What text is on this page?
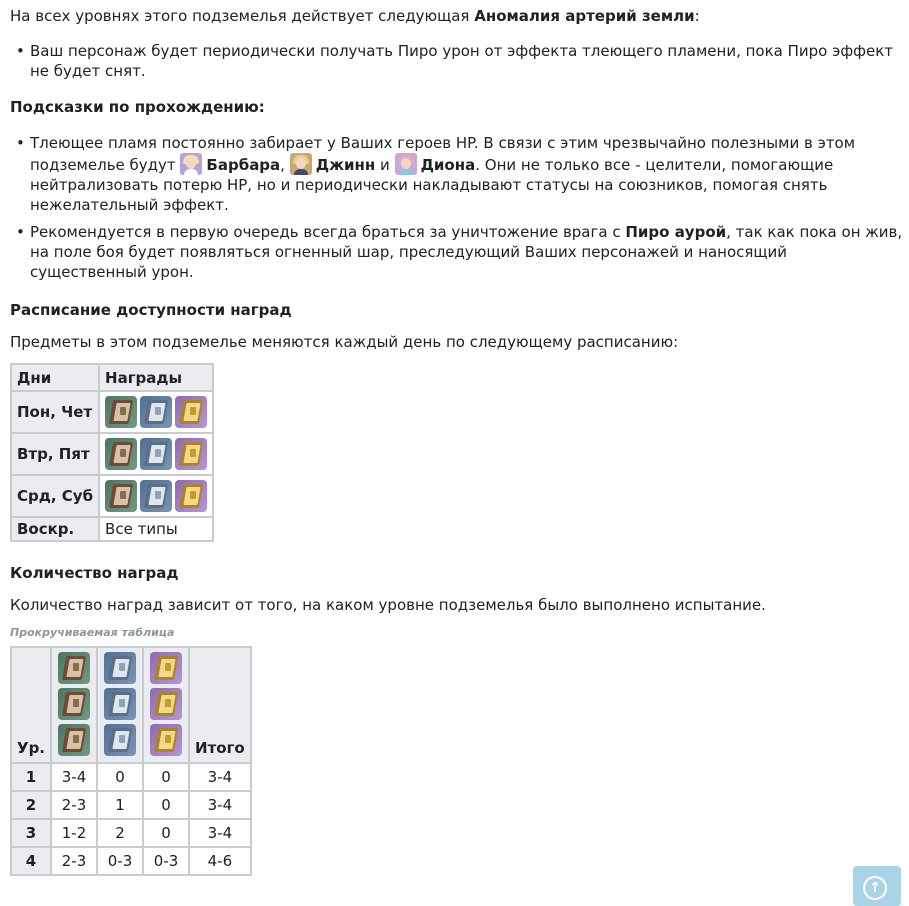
На всех уровнях этого подземелья действует следующая Аномалия артерий земли:

• Ваш персонаж будет периодически получать Пиро урон от эффекта тлеющего пламени, пока Пиро эффект не будет снят.

Подсказки по прохождению:

• Тлеющее пламя постоянно забирает у Ваших героев HP. В связи с этим чрезвычайно полезными в этом подземелье будут
Барбара, Джинн и
Диона. Они не только все - целители, помогающие нейтрализовать потерю HP, но и периодически накладывают статусы на союзников, помогая снять нежелательный эффект.
• Рекомендуется в первую очередь всегда браться за уничтожение врага с Пиро аурой, так как пока он жив, на поле боя будет появляться огненный шар, преследующий Ваших персонажей и наносящий существенный урон.

Расписание доступности наград

Предметы в этом подземелье меняются каждый день по следующему расписанию:

Дни	Награды
Пон, Чет	

Втр, Пят	

Срд, Суб	

Воскр.	Все типы

Количество наград

Количество наград зависит от того, на каком уровне подземелья было выполнено испытание.

Прокручиваемая таблица
Ур.				Итого
1	3-4	0	0	3-4
2	2-3	1	0	3-4
3	1-2	2	0	3-4
4	2-3	0-3	0-3	4-6
↑
